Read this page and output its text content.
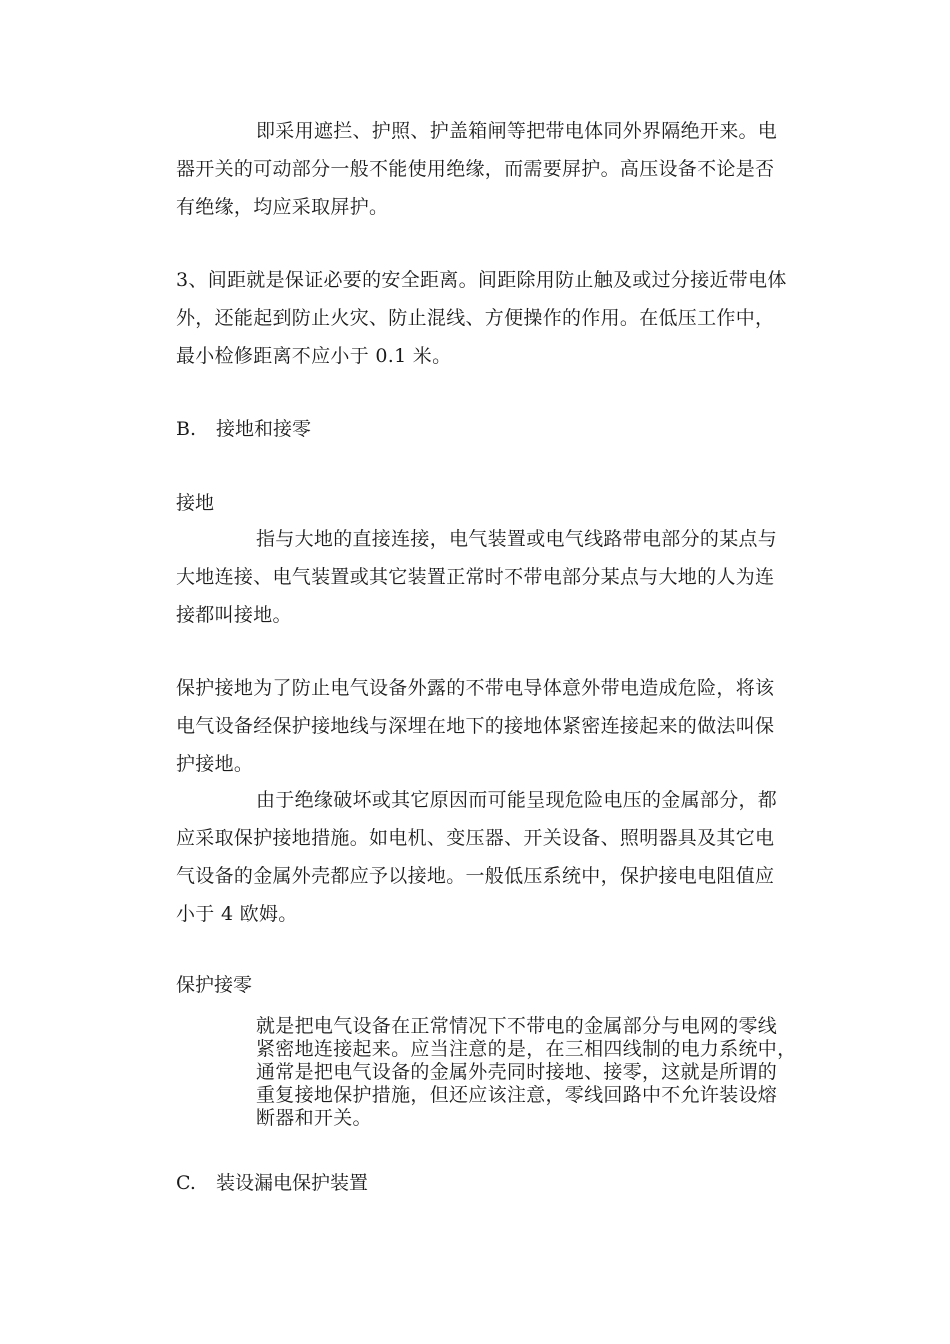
即采用遮拦、护照、护盖箱闸等把带电体同外界隔绝开来。电
器开关的可动部分一般不能使用绝缘，而需要屏护。高压设备不论是否
有绝缘，均应采取屏护。
3、间距就是保证必要的安全距离。间距除用防止触及或过分接近带电体
外，还能起到防止火灾、防止混线、方便操作的作用。在低压工作中，
最小检修距离不应小于 0.1 米。
B. 接地和接零
接地
指与大地的直接连接，电气装置或电气线路带电部分的某点与
大地连接、电气装置或其它装置正常时不带电部分某点与大地的人为连
接都叫接地。
保护接地为了防止电气设备外露的不带电导体意外带电造成危险，将该
电气设备经保护接地线与深埋在地下的接地体紧密连接起来的做法叫保
护接地。
由于绝缘破坏或其它原因而可能呈现危险电压的金属部分，都
应采取保护接地措施。如电机、变压器、开关设备、照明器具及其它电
气设备的金属外壳都应予以接地。一般低压系统中，保护接电电阻值应
小于 4 欧姆。
保护接零
就是把电气设备在正常情况下不带电的金属部分与电网的零线
紧密地连接起来。应当注意的是，在三相四线制的电力系统中，
通常是把电气设备的金属外壳同时接地、接零，这就是所谓的
重复接地保护措施，但还应该注意，零线回路中不允许装设熔
断器和开关。
C. 装设漏电保护装置
